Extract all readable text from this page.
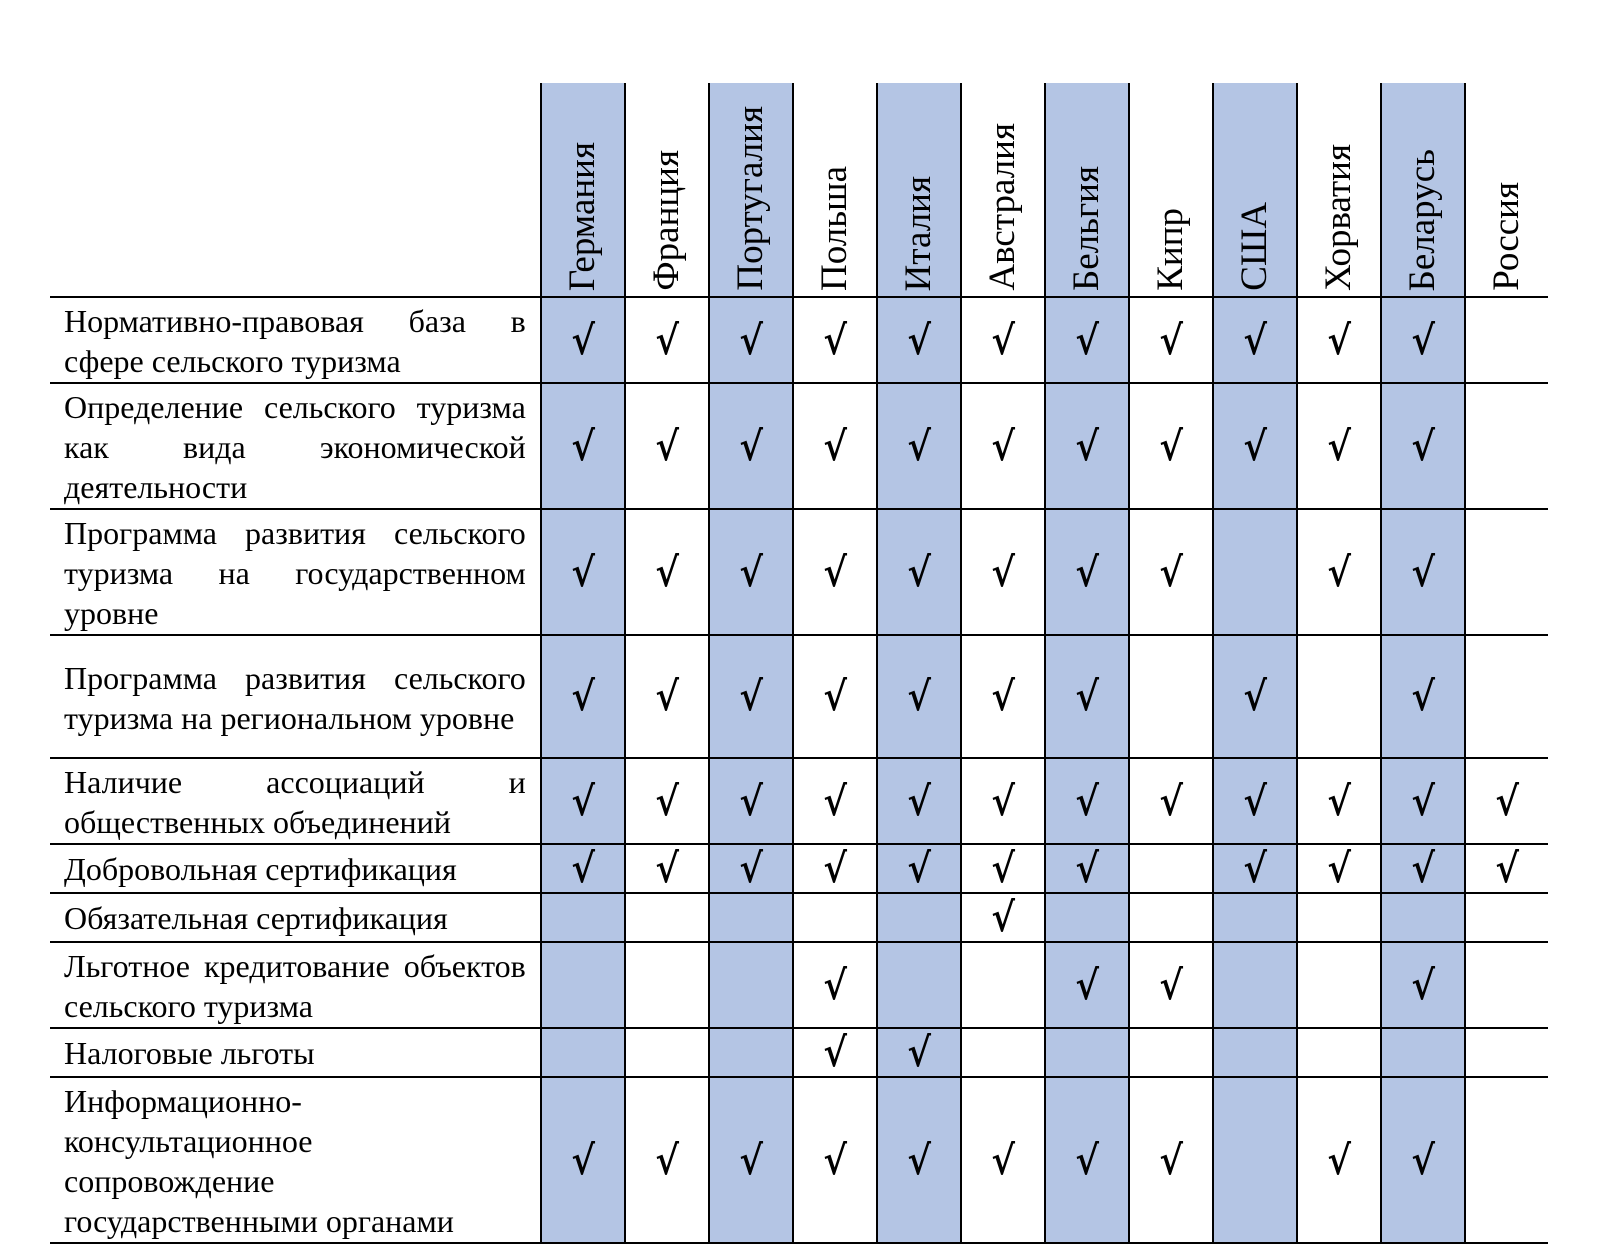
	Германия	Франция	Португалия	Польша	Италия	Австралия	Бельгия	Кипр	США	Хорватия	Беларусь	Россия
Нормативно-правовая база в сфере сельского туризма	√	√	√	√	√	√	√	√	√	√	√	
Определение сельского туризма как вида экономической деятельности	√	√	√	√	√	√	√	√	√	√	√	
Программа развития сельского туризма на государственном уровне	√	√	√	√	√	√	√	√		√	√	
Программа развития сельского туризма на региональном уровне	√	√	√	√	√	√	√		√		√	
Наличие ассоциаций и общественных объединений	√	√	√	√	√	√	√	√	√	√	√	√
Добровольная сертификация	√	√	√	√	√	√	√		√	√	√	√
Обязательная сертификация						√						
Льготное кредитование объектов сельского туризма				√			√	√			√	
Налоговые льготы				√	√							
Информационно-консультационное сопровождение государственными органами	√	√	√	√	√	√	√	√		√	√	
